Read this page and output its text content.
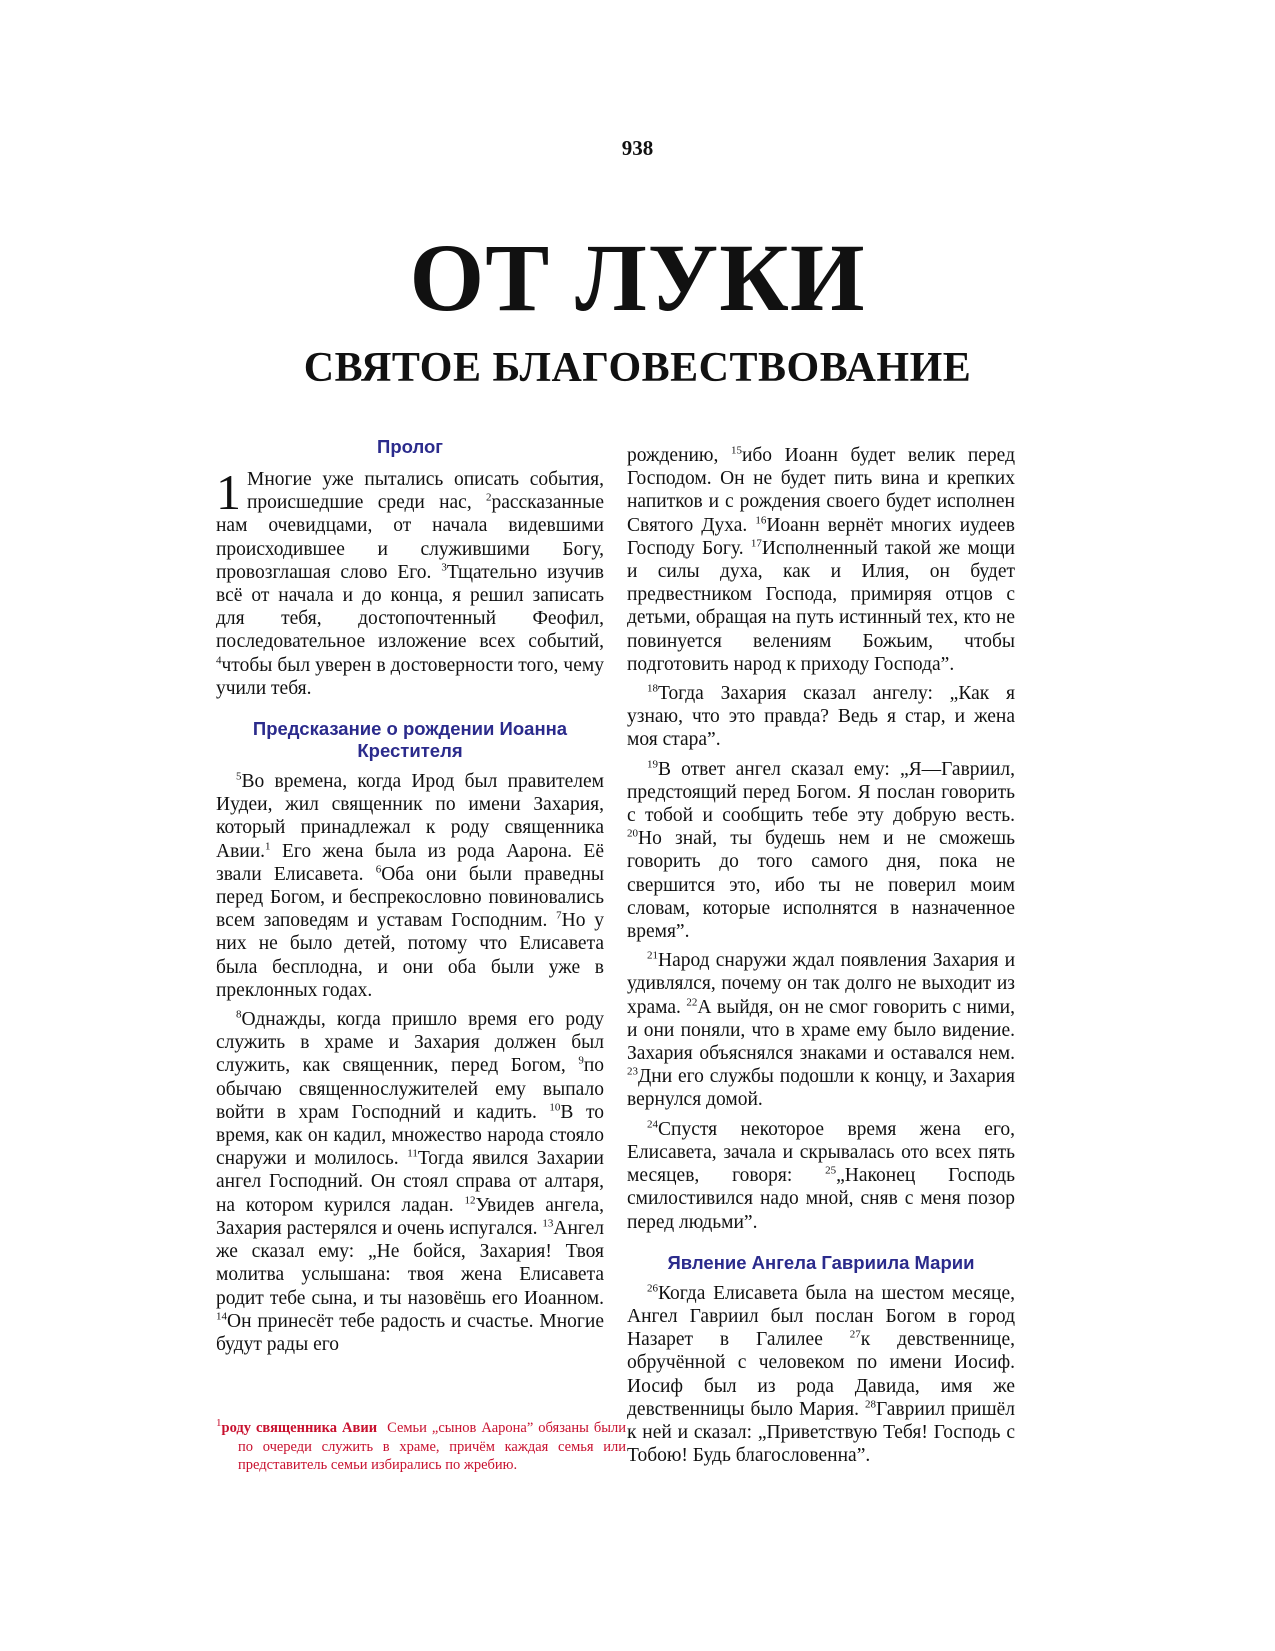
938
ОТ ЛУКИ
СВЯТОЕ БЛАГОВЕСТВОВАНИЕ
Пролог

1 Многие уже пытались описать события, происшедшие среди нас, $^2$рассказанные нам очевидцами, от начала видевшими происходившее и служившими Богу, провозглашая слово Его. $^3$Тщательно изучив всё от начала и до конца, я решил записать для тебя, достопочтенный Феофил, последовательное изложение всех событий, $^4$чтобы был уверен в достоверности того, чему учили тебя.

Предсказание о рождении Иоанна Крестителя

$^5$Во времена, когда Ирод был правителем Иудеи, жил священник по имени Захария, который принадлежал к роду священника Авии.$^1$ Его жена была из рода Аарона. Её звали Елисавета. $^6$Оба они были праведны перед Богом, и беспрекословно повиновались всем заповедям и уставам Господним. $^7$Но у них не было детей, потому что Елисавета была бесплодна, и они оба были уже в преклонных годах.

$^8$Однажды, когда пришло время его роду служить в храме и Захария должен был служить, как священник, перед Богом, $^9$по обычаю священнослужителей ему выпало войти в храм Господний и кадить. $^{10}$В то время, как он кадил, множество народа стояло снаружи и молилось. $^{11}$Тогда явился Захарии ангел Господний. Он стоял справа от алтаря, на котором курился ладан. $^{12}$Увидев ангела, Захария растерялся и очень испугался. $^{13}$Ангел же сказал ему: „Не бойся, Захария! Твоя молитва услышана: твоя жена Елисавета родит тебе сына, и ты назовёшь его Иоанном. $^{14}$Он принесёт тебе радость и счастье. Многие будут рады его

$^1$роду священника Авии Семьи „сынов Аарона” обязаны были по очереди служить в храме, причём каждая семья или представитель семьи избирались по жребию.

рождению, $^{15}$ибо Иоанн будет велик перед Господом. Он не будет пить вина и крепких напитков и с рождения своего будет исполнен Святого Духа. $^{16}$Иоанн вернёт многих иудеев Господу Богу. $^{17}$Исполненный такой же мощи и силы духа, как и Илия, он будет предвестником Господа, примиряя отцов с детьми, обращая на путь истинный тех, кто не повинуется велениям Божьим, чтобы подготовить народ к приходу Господа”.

$^{18}$Тогда Захария сказал ангелу: „Как я узнаю, что это правда? Ведь я стар, и жена моя стара”.

$^{19}$В ответ ангел сказал ему: „Я—Гавриил, предстоящий перед Богом. Я послан говорить с тобой и сообщить тебе эту добрую весть. $^{20}$Но знай, ты будешь нем и не сможешь говорить до того самого дня, пока не свершится это, ибо ты не поверил моим словам, которые исполнятся в назначенное время”.

$^{21}$Народ снаружи ждал появления Захария и удивлялся, почему он так долго не выходит из храма. $^{22}$А выйдя, он не смог говорить с ними, и они поняли, что в храме ему было видение. Захария объяснялся знаками и оставался нем. $^{23}$Дни его службы подошли к концу, и Захария вернулся домой.

$^{24}$Спустя некоторое время жена его, Елисавета, зачала и скрывалась ото всех пять месяцев, говоря:	$^{25}$„Наконец Господь смилостивился надо мной, сняв с меня позор перед людьми”.

Явление Ангела Гавриила Марии

$^{26}$Когда Елисавета была на шестом месяце, Ангел Гавриил был послан Богом в город Назарет в Галилее $^{27}$к девственнице, обручённой с человеком по имени Иосиф. Иосиф был из рода Давида, имя же девственницы было Мария. $^{28}$Гавриил пришёл к ней и сказал: „Приветствую Тебя! Господь с Тобою! Будь благословенна”.
